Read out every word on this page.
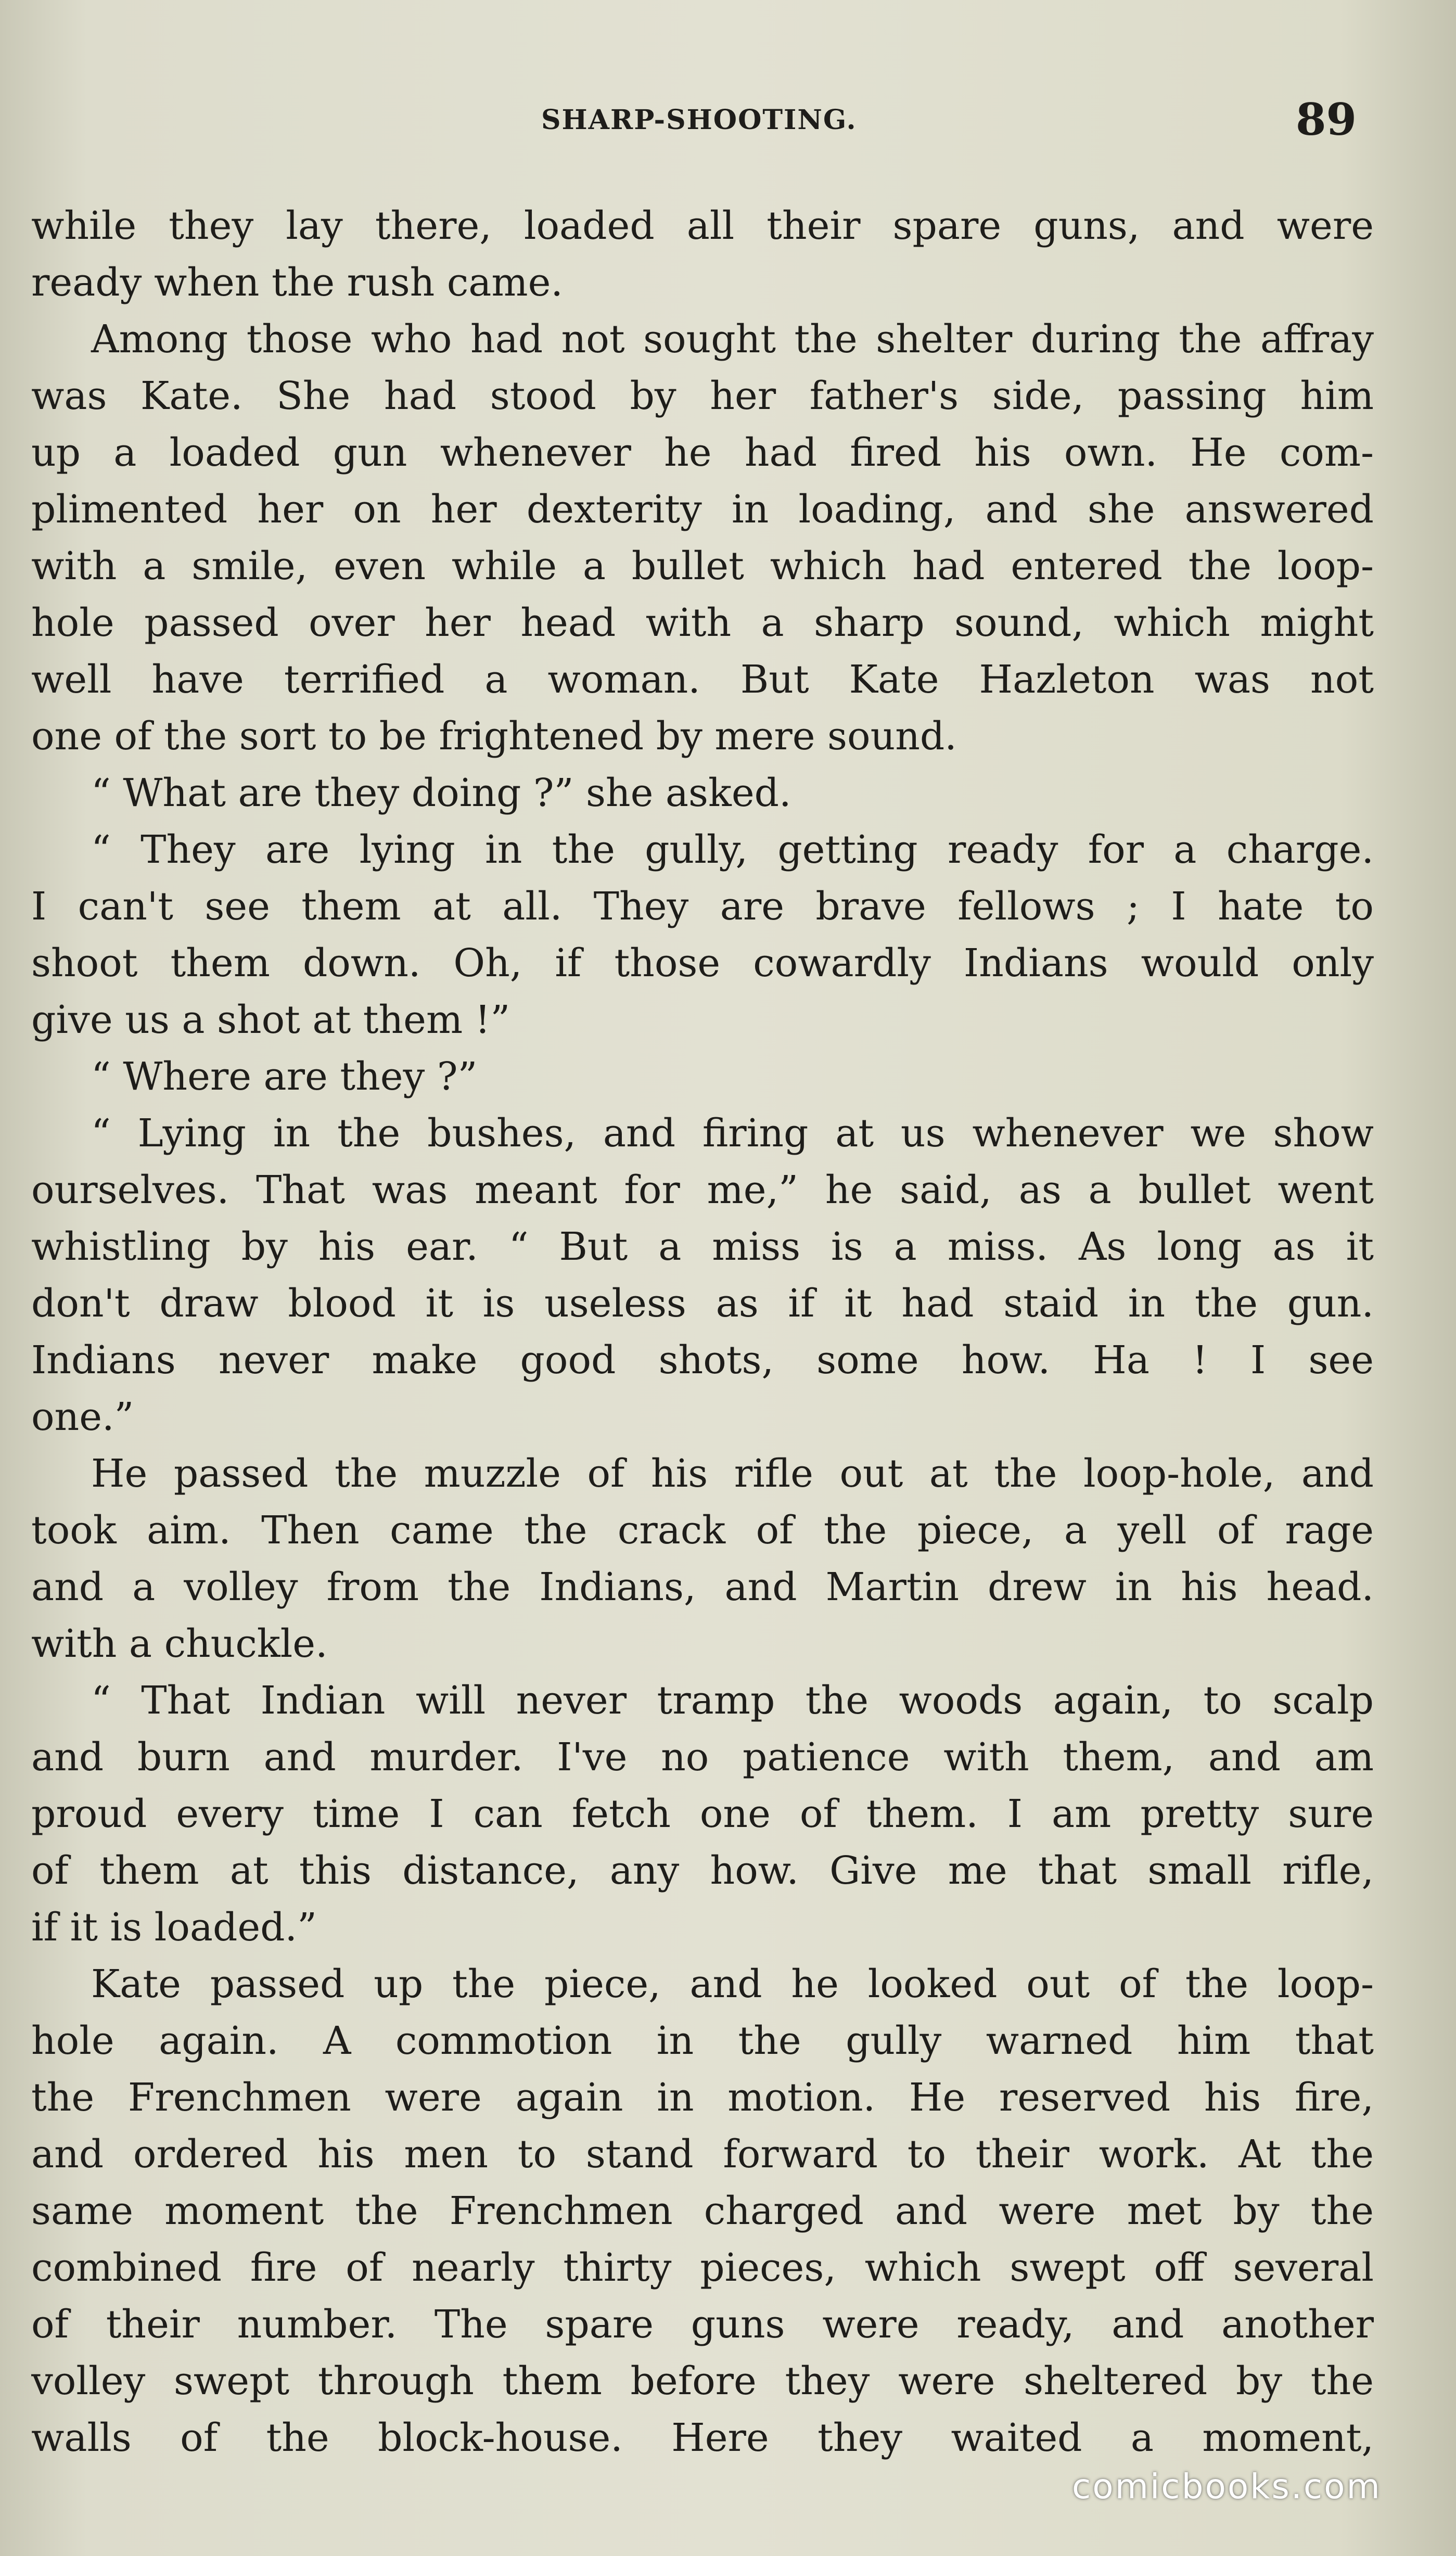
SHARP-SHOOTING.	89
while they lay there, loaded all their spare guns, and were
ready when the rush came.
Among those who had not sought the shelter during the affray
was Kate. She had stood by her father's side, passing him
up a loaded gun whenever he had fired his own. He com-
plimented her on her dexterity in loading, and she answered
with a smile, even while a bullet which had entered the loop-
hole passed over her head with a sharp sound, which might
well have terrified a woman. But Kate Hazleton was not
one of the sort to be frightened by mere sound.
“ What are they doing ?” she asked.
“ They are lying in the gully, getting ready for a charge.
I can't see them at all. They are brave fellows ; I hate to
shoot them down. Oh, if those cowardly Indians would only
give us a shot at them !”
“ Where are they ?”
“ Lying in the bushes, and firing at us whenever we show
ourselves. That was meant for me,” he said, as a bullet went
whistling by his ear. “ But a miss is a miss. As long as it
don't draw blood it is useless as if it had staid in the gun.
Indians never make good shots, some how. Ha ! I see
one.”
He passed the muzzle of his rifle out at the loop-hole, and
took aim. Then came the crack of the piece, a yell of rage
and a volley from the Indians, and Martin drew in his head.
with a chuckle.
“ That Indian will never tramp the woods again, to scalp
and burn and murder. I've no patience with them, and am
proud every time I can fetch one of them. I am pretty sure
of them at this distance, any how. Give me that small rifle,
if it is loaded.”
Kate passed up the piece, and he looked out of the loop-
hole again. A commotion in the gully warned him that
the Frenchmen were again in motion. He reserved his fire,
and ordered his men to stand forward to their work. At the
same moment the Frenchmen charged and were met by the
combined fire of nearly thirty pieces, which swept off several
of their number. The spare guns were ready, and another
volley swept through them before they were sheltered by the
walls of the block-house. Here they waited a moment,
comicbooks.com
